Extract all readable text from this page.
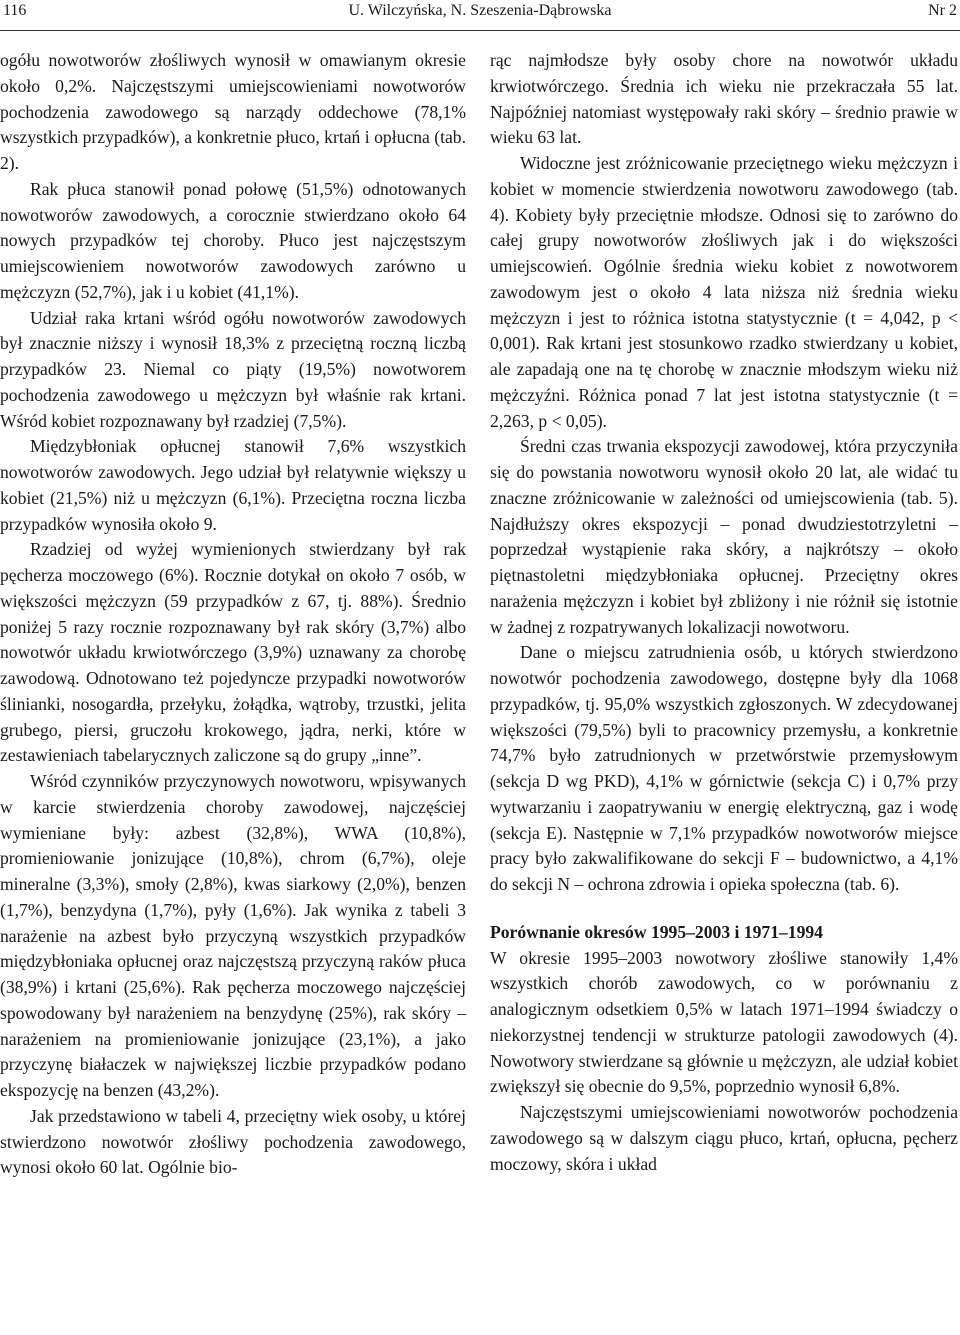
116	U. Wilczyńska, N. Szeszenia-Dąbrowska	Nr 2

ogółu nowotworów złośliwych wynosił w omawianym okresie około 0,2%. Najczęstszymi umiejscowieniami nowotworów pochodzenia zawodowego są narządy oddechowe (78,1% wszystkich przypadków), a konkretnie płuco, krtań i opłucna (tab. 2).

Rak płuca stanowił ponad połowę (51,5%) odnotowanych nowotworów zawodowych, a corocznie stwierdzano około 64 nowych przypadków tej choroby. Płuco jest najczęstszym umiejscowieniem nowotworów zawodowych zarówno u mężczyzn (52,7%), jak i u kobiet (41,1%).

Udział raka krtani wśród ogółu nowotworów zawodowych był znacznie niższy i wynosił 18,3% z przeciętną roczną liczbą przypadków 23. Niemal co piąty (19,5%) nowotworem pochodzenia zawodowego u mężczyzn był właśnie rak krtani. Wśród kobiet rozpoznawany był rzadziej (7,5%).

Międzybłoniak opłucnej stanowił 7,6% wszystkich nowotworów zawodowych. Jego udział był relatywnie większy u kobiet (21,5%) niż u mężczyzn (6,1%). Przeciętna roczna liczba przypadków wynosiła około 9.

Rzadziej od wyżej wymienionych stwierdzany był rak pęcherza moczowego (6%). Rocznie dotykał on około 7 osób, w większości mężczyzn (59 przypadków z 67, tj. 88%). Średnio poniżej 5 razy rocznie rozpoznawany był rak skóry (3,7%) albo nowotwór układu krwiotwórczego (3,9%) uznawany za chorobę zawodową. Odnotowano też pojedyncze przypadki nowotworów ślinianki, nosogardła, przełyku, żołądka, wątroby, trzustki, jelita grubego, piersi, gruczołu krokowego, jądra, nerki, które w zestawieniach tabelarycznych zaliczone są do grupy „inne”.

Wśród czynników przyczynowych nowotworu, wpisywanych w karcie stwierdzenia choroby zawodowej, najczęściej wymieniane były: azbest (32,8%), WWA (10,8%), promieniowanie jonizujące (10,8%), chrom (6,7%), oleje mineralne (3,3%), smoły (2,8%), kwas siarkowy (2,0%), benzen (1,7%), benzydyna (1,7%), pyły (1,6%). Jak wynika z tabeli 3 narażenie na azbest było przyczyną wszystkich przypadków międzybłoniaka opłucnej oraz najczęstszą przyczyną raków płuca (38,9%) i krtani (25,6%). Rak pęcherza moczowego najczęściej spowodowany był narażeniem na benzydynę (25%), rak skóry – narażeniem na promieniowanie jonizujące (23,1%), a jako przyczynę białaczek w największej liczbie przypadków podano ekspozycję na benzen (43,2%).

Jak przedstawiono w tabeli 4, przeciętny wiek osoby, u której stwierdzono nowotwór złośliwy pochodzenia zawodowego, wynosi około 60 lat. Ogólnie bio-

rąc najmłodsze były osoby chore na nowotwór układu krwiotwórczego. Średnia ich wieku nie przekraczała 55 lat. Najpóźniej natomiast występowały raki skóry – średnio prawie w wieku 63 lat.

Widoczne jest zróżnicowanie przeciętnego wieku mężczyzn i kobiet w momencie stwierdzenia nowotworu zawodowego (tab. 4). Kobiety były przeciętnie młodsze. Odnosi się to zarówno do całej grupy nowotworów złośliwych jak i do większości umiejscowień. Ogólnie średnia wieku kobiet z nowotworem zawodowym jest o około 4 lata niższa niż średnia wieku mężczyzn i jest to różnica istotna statystycznie (t = 4,042, p < 0,001). Rak krtani jest stosunkowo rzadko stwierdzany u kobiet, ale zapadają one na tę chorobę w znacznie młodszym wieku niż mężczyźni. Różnica ponad 7 lat jest istotna statystycznie (t = 2,263, p < 0,05).

Średni czas trwania ekspozycji zawodowej, która przyczyniła się do powstania nowotworu wynosił około 20 lat, ale widać tu znaczne zróżnicowanie w zależności od umiejscowienia (tab. 5). Najdłuższy okres ekspozycji – ponad dwudziestotrzyletni – poprzedzał wystąpienie raka skóry, a najkrótszy – około piętnastoletni międzybłoniaka opłucnej. Przeciętny okres narażenia mężczyzn i kobiet był zbliżony i nie różnił się istotnie w żadnej z rozpatrywanych lokalizacji nowotworu.

Dane o miejscu zatrudnienia osób, u których stwierdzono nowotwór pochodzenia zawodowego, dostępne były dla 1068 przypadków, tj. 95,0% wszystkich zgłoszonych. W zdecydowanej większości (79,5%) byli to pracownicy przemysłu, a konkretnie 74,7% było zatrudnionych w przetwórstwie przemysłowym (sekcja D wg PKD), 4,1% w górnictwie (sekcja C) i 0,7% przy wytwarzaniu i zaopatrywaniu w energię elektryczną, gaz i wodę (sekcja E). Następnie w 7,1% przypadków nowotworów miejsce pracy było zakwalifikowane do sekcji F – budownictwo, a 4,1% do sekcji N – ochrona zdrowia i opieka społeczna (tab. 6).

Porównanie okresów 1995–2003 i 1971–1994

W okresie 1995–2003 nowotwory złośliwe stanowiły 1,4% wszystkich chorób zawodowych, co w porównaniu z analogicznym odsetkiem 0,5% w latach 1971–1994 świadczy o niekorzystnej tendencji w strukturze patologii zawodowych (4). Nowotwory stwierdzane są głównie u mężczyzn, ale udział kobiet zwiększył się obecnie do 9,5%, poprzednio wynosił 6,8%.

Najczęstszymi umiejscowieniami nowotworów pochodzenia zawodowego są w dalszym ciągu płuco, krtań, opłucna, pęcherz moczowy, skóra i układ
